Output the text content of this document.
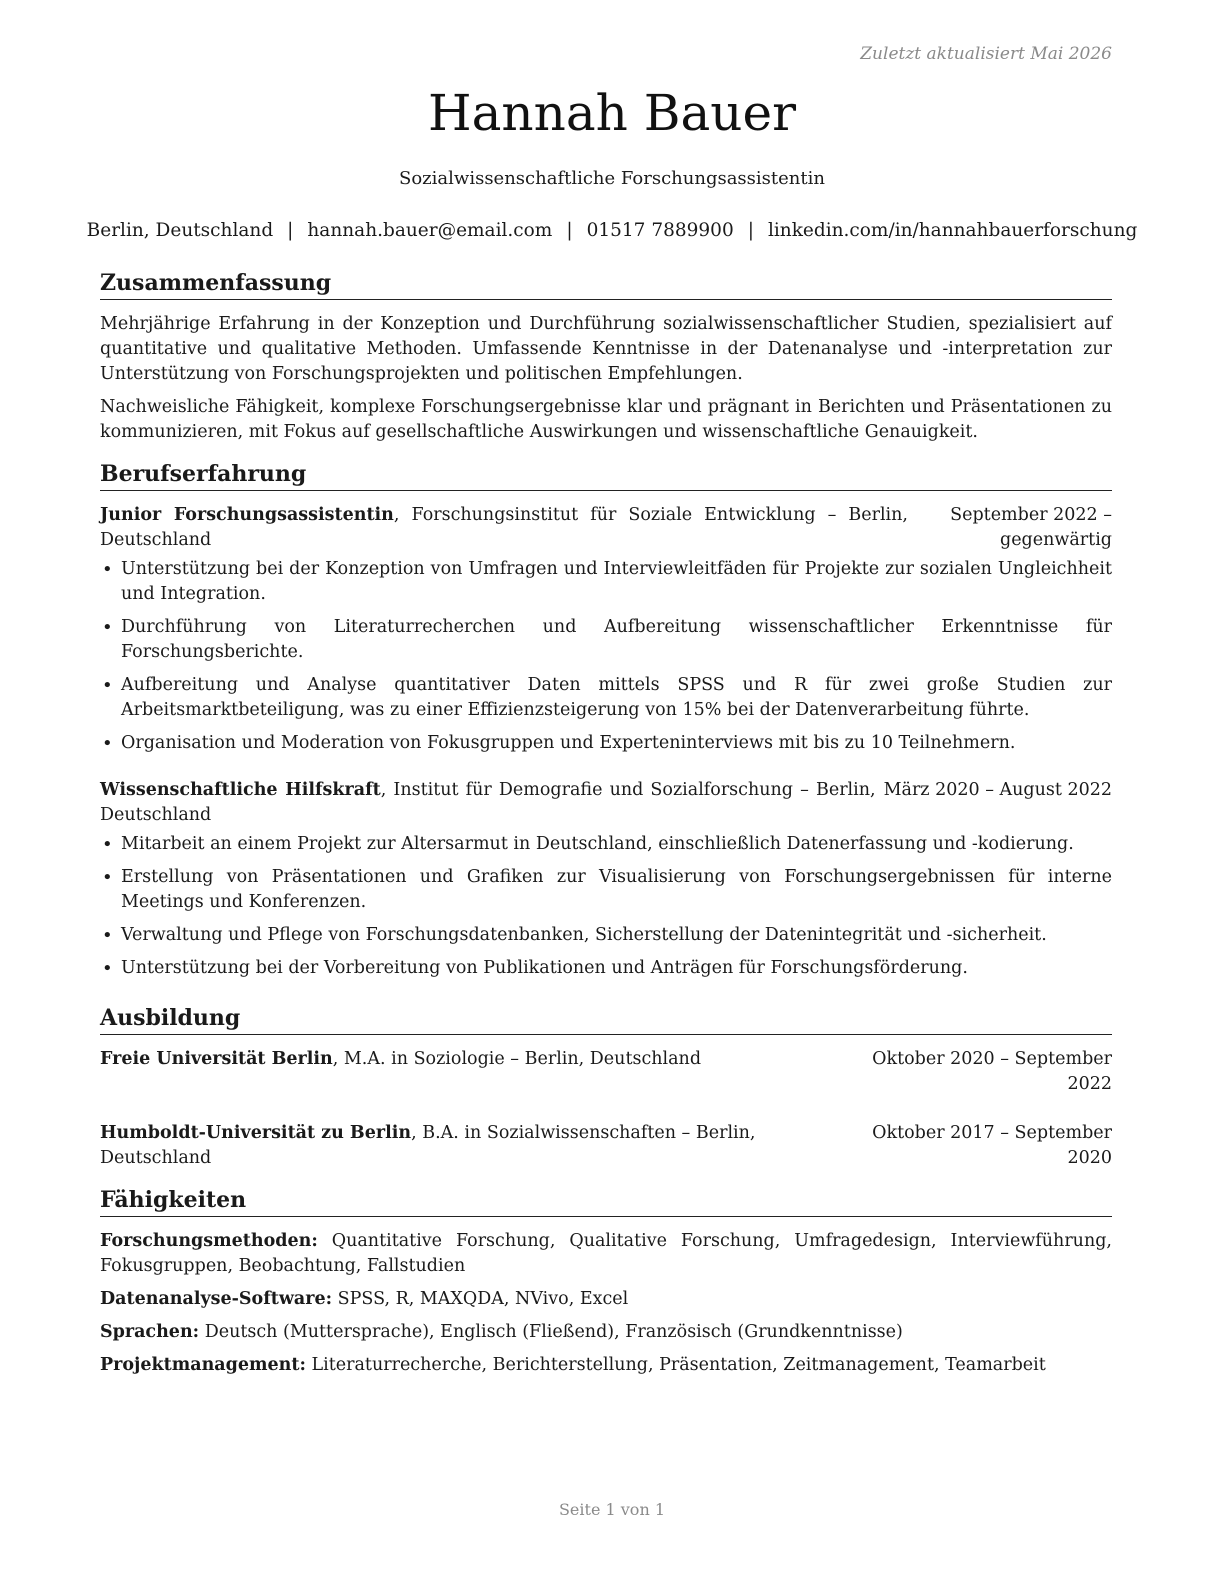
Zuletzt aktualisiert Mai 2026
Hannah Bauer
Sozialwissenschaftliche Forschungsassistentin
Berlin, Deutschland | hannah.bauer@email.com | 01517 7889900 | linkedin.com/in/hannahbauerforschung
Zusammenfassung

Mehrjährige Erfahrung in der Konzeption und Durchführung sozialwissenschaftlicher Studien, spezialisiert auf quantitative und qualitative Methoden. Umfassende Kenntnisse in der Datenanalyse und -interpretation zur Unterstützung von Forschungsprojekten und politischen Empfehlungen.

Nachweisliche Fähigkeit, komplexe Forschungsergebnisse klar und prägnant in Berichten und Präsentationen zu kommunizieren, mit Fokus auf gesellschaftliche Auswirkungen und wissenschaftliche Genauigkeit.

Berufserfahrung
Junior Forschungsassistentin, Forschungsinstitut für Soziale Entwicklung – Berlin, Deutschland
September 2022 – gegenwärtig
• Unterstützung bei der Konzeption von Umfragen und Interviewleitfäden für Projekte zur sozialen Ungleichheit und Integration.
• Durchführung von Literaturrecherchen und Aufbereitung wissenschaftlicher Erkenntnisse für Forschungsberichte.
• Aufbereitung und Analyse quantitativer Daten mittels SPSS und R für zwei große Studien zur Arbeitsmarktbeteiligung, was zu einer Effizienzsteigerung von 15% bei der Datenverarbeitung führte.
• Organisation und Moderation von Fokusgruppen und Experteninterviews mit bis zu 10 Teilnehmern.
Wissenschaftliche Hilfskraft, Institut für Demografie und Sozialforschung – Berlin, Deutschland
März 2020 – August 2022
• Mitarbeit an einem Projekt zur Altersarmut in Deutschland, einschließlich Datenerfassung und -kodierung.
• Erstellung von Präsentationen und Grafiken zur Visualisierung von Forschungsergebnissen für interne Meetings und Konferenzen.
• Verwaltung und Pflege von Forschungsdatenbanken, Sicherstellung der Datenintegrität und -sicherheit.
• Unterstützung bei der Vorbereitung von Publikationen und Anträgen für Forschungsförderung.
Ausbildung
Freie Universität Berlin, M.A. in Soziologie – Berlin, Deutschland	Oktober 2020 – September 2022
Humboldt-Universität zu Berlin, B.A. in Sozialwissenschaften – Berlin, Deutschland
Oktober 2017 – September 2020
Fähigkeiten

Forschungsmethoden: Quantitative Forschung, Qualitative Forschung, Umfragedesign, Interviewführung, Fokusgruppen, Beobachtung, Fallstudien

Datenanalyse-Software: SPSS, R, MAXQDA, NVivo, Excel

Sprachen: Deutsch (Muttersprache), Englisch (Fließend), Französisch (Grundkenntnisse)

Projektmanagement: Literaturrecherche, Berichterstellung, Präsentation, Zeitmanagement, Teamarbeit

Seite 1 von 1
